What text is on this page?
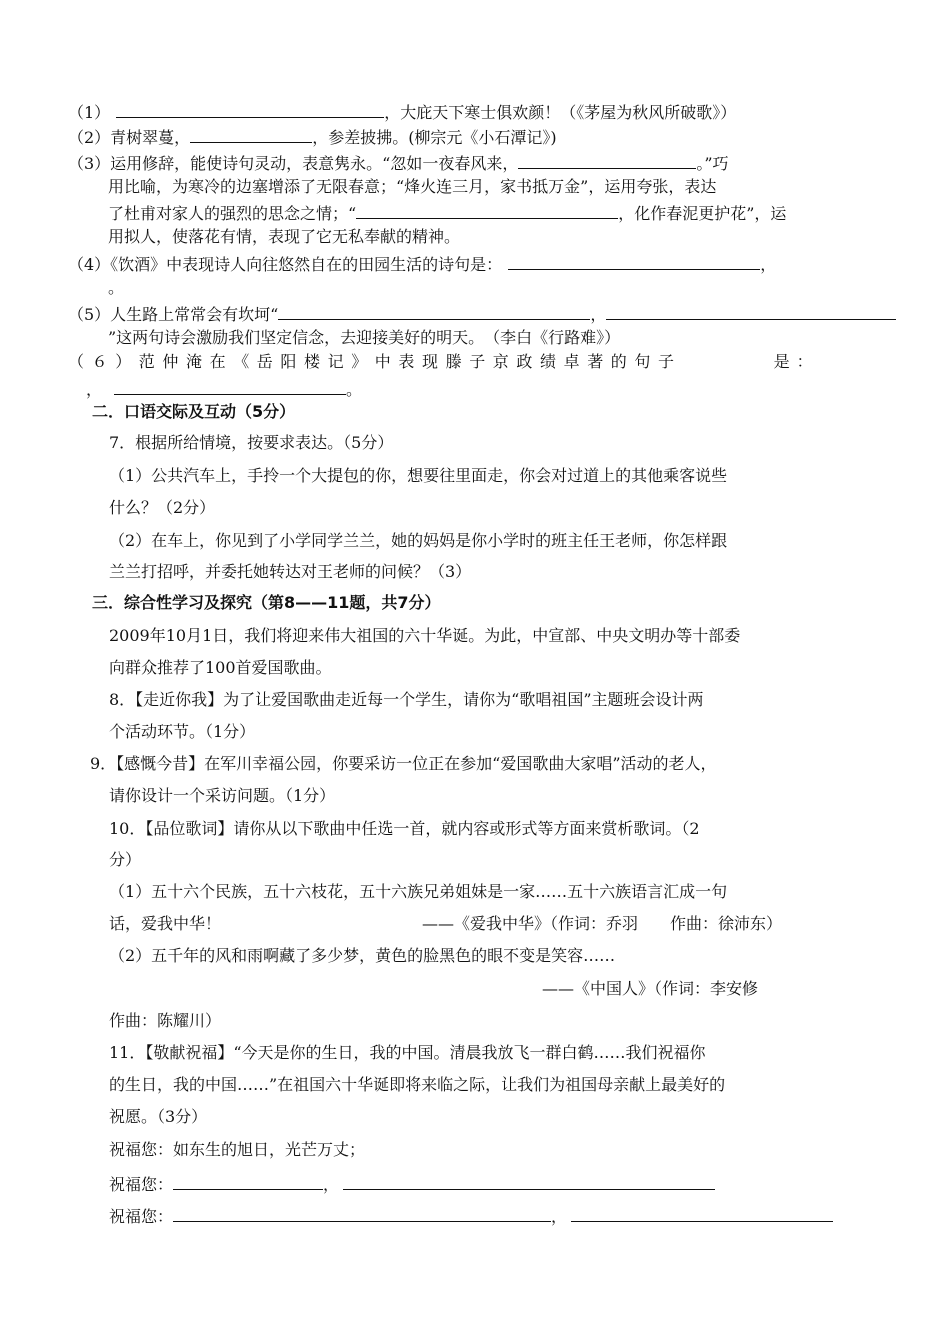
（1）	，大庇天下寒士俱欢颜！（《茅屋为秋风所破歌》）
（2）青树翠蔓，	，参差披拂。(柳宗元《小石潭记》)
（3）运用修辞，能使诗句灵动，表意隽永。“忽如一夜春风来，	。”巧
用比喻，为寒冷的边塞增添了无限春意；“烽火连三月，家书抵万金”，运用夸张，表达
了杜甫对家人的强烈的思念之情；“	，化作春泥更护花”，运
用拟人，使落花有情，表现了它无私奉献的精神。
（4）《饮酒》中表现诗人向往悠然自在的田园生活的诗句是：	，
。
（5）人生路上常常会有坎坷“	，
”这两句诗会激励我们坚定信念，去迎接美好的明天。　（李白《行路难》）
（６）范仲淹在《岳阳楼记》中表现滕子京政绩卓著的句子	是：
，	。
二．口语交际及互动（5分）
7．根据所给情境，按要求表达。（5分）
（1）公共汽车上，手拎一个大提包的你，想要往里面走，你会对过道上的其他乘客说些
什么？（2分）
（2）在车上，你见到了小学同学兰兰，她的妈妈是你小学时的班主任王老师，你怎样跟
兰兰打招呼，并委托她转达对王老师的问候？（3）
三．综合性学习及探究（第8——11题，共7分）
2009年10月1日，我们将迎来伟大祖国的六十华诞。为此，中宣部、中央文明办等十部委
向群众推荐了100首爱国歌曲。
8．【走近你我】为了让爱国歌曲走近每一个学生，请你为“歌唱祖国”主题班会设计两
个活动环节。（1分）
9．【感慨今昔】在军川幸福公园，你要采访一位正在参加“爱国歌曲大家唱”活动的老人，
请你设计一个采访问题。（1分）
10．【品位歌词】请你从以下歌曲中任选一首，就内容或形式等方面来赏析歌词。（2
分）
（1）五十六个民族，五十六枝花，五十六族兄弟姐妹是一家……五十六族语言汇成一句
话，爱我中华！	——《爱我中华》（作词：乔羽　　作曲：徐沛东）
（2）五千年的风和雨啊藏了多少梦，黄色的脸黑色的眼不变是笑容……
——《中国人》（作词：李安修
作曲：陈耀川）
11．【敬献祝福】“今天是你的生日，我的中国。清晨我放飞一群白鹤……我们祝福你
的生日，我的中国……”在祖国六十华诞即将来临之际，让我们为祖国母亲献上最美好的
祝愿。（3分）
祝福您：如东生的旭日，光芒万丈；
祝福您：	，
祝福您：	，
